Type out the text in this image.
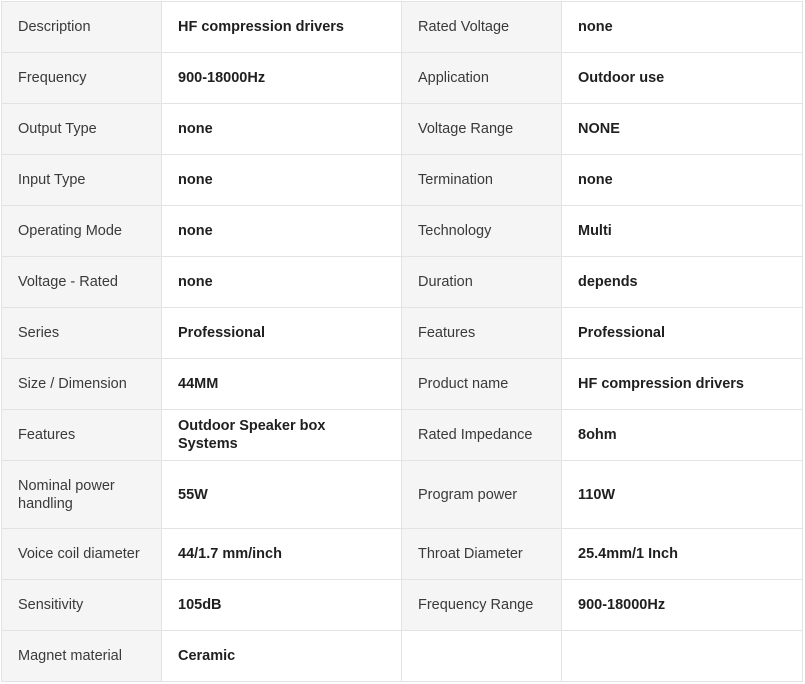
Description	HF compression drivers	Rated Voltage	none
Frequency	900-18000Hz	Application	Outdoor use
Output Type	none	Voltage Range	NONE
Input Type	none	Termination	none
Operating Mode	none	Technology	Multi
Voltage - Rated	none	Duration	depends
Series	Professional	Features	Professional
Size / Dimension	44MM	Product name	HF compression drivers
Features	Outdoor Speaker box Systems	Rated Impedance	8ohm
Nominal power handling	55W	Program power	110W
Voice coil diameter	44/1.7 mm/inch	Throat Diameter	25.4mm/1 Inch
Sensitivity	105dB	Frequency Range	900-18000Hz
Magnet material	Ceramic		
